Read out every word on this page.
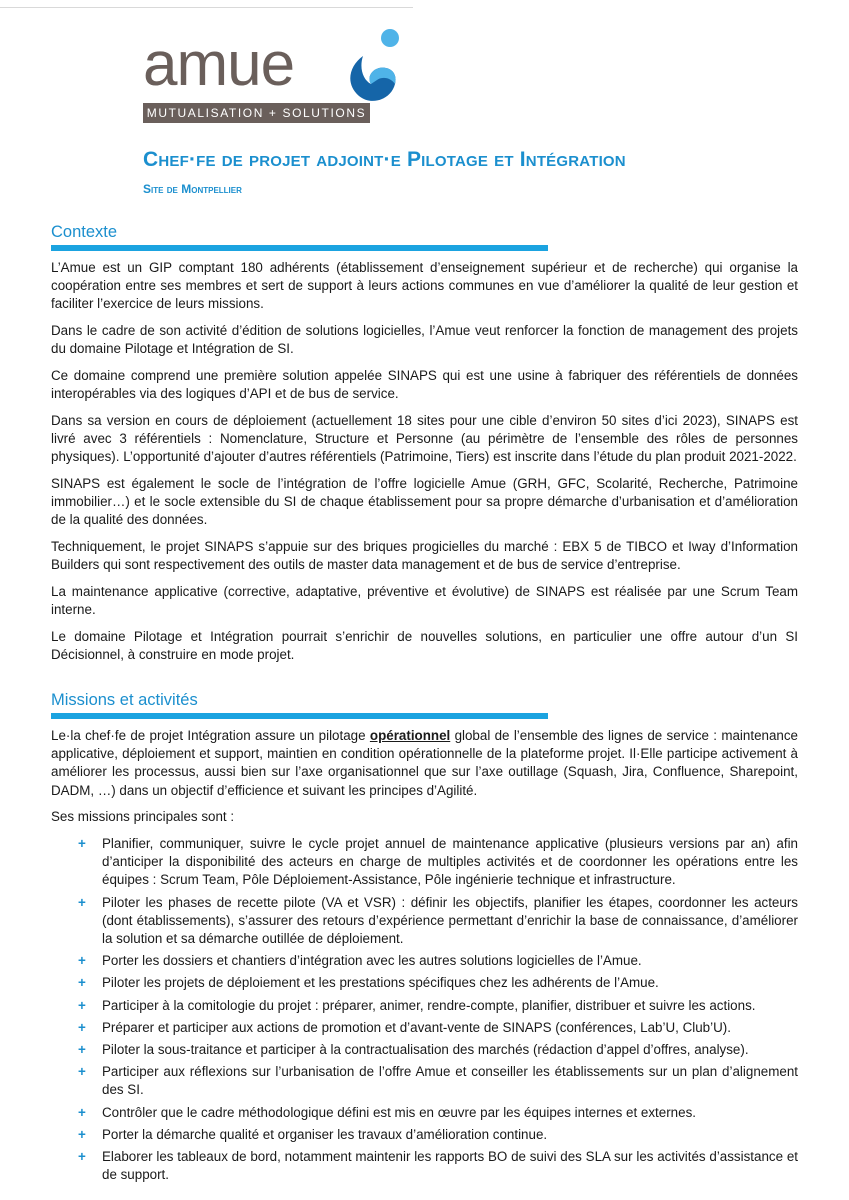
amue
MUTUALISATION + SOLUTIONS
Chef·fe de projet adjoint·e Pilotage et Intégration
Site de Montpellier
Contexte

L’Amue est un GIP comptant 180 adhérents (établissement d’enseignement supérieur et de recherche) qui organise la coopération entre ses membres et sert de support à leurs actions communes en vue d’améliorer la qualité de leur gestion et faciliter l’exercice de leurs missions.

Dans le cadre de son activité d’édition de solutions logicielles, l’Amue veut renforcer la fonction de management des projets du domaine Pilotage et Intégration de SI.

Ce domaine comprend une première solution appelée SINAPS qui est une usine à fabriquer des référentiels de données interopérables via des logiques d’API et de bus de service.

Dans sa version en cours de déploiement (actuellement 18 sites pour une cible d’environ 50 sites d’ici 2023), SINAPS est livré avec 3 référentiels : Nomenclature, Structure et Personne (au périmètre de l’ensemble des rôles de personnes physiques). L’opportunité d’ajouter d’autres référentiels (Patrimoine, Tiers) est inscrite dans l’étude du plan produit 2021-2022.

SINAPS est également le socle de l’intégration de l’offre logicielle Amue (GRH, GFC, Scolarité, Recherche, Patrimoine immobilier…) et le socle extensible du SI de chaque établissement pour sa propre démarche d’urbanisation et d’amélioration de la qualité des données.

Techniquement, le projet SINAPS s’appuie sur des briques progicielles du marché : EBX 5 de TIBCO et Iway d’Information Builders qui sont respectivement des outils de master data management et de bus de service d’entreprise.

La maintenance applicative (corrective, adaptative, préventive et évolutive) de SINAPS est réalisée par une Scrum Team interne.

Le domaine Pilotage et Intégration pourrait s’enrichir de nouvelles solutions, en particulier une offre autour d’un SI Décisionnel, à construire en mode projet.

Missions et activités

Le·la chef·fe de projet Intégration assure un pilotage opérationnel global de l’ensemble des lignes de service : maintenance applicative, déploiement et support, maintien en condition opérationnelle de la plateforme projet. Il·Elle participe activement à améliorer les processus, aussi bien sur l’axe organisationnel que sur l’axe outillage (Squash, Jira, Confluence, Sharepoint, DADM, …) dans un objectif d’efficience et suivant les principes d’Agilité.

Ses missions principales sont :

+ Planifier, communiquer, suivre le cycle projet annuel de maintenance applicative (plusieurs versions par an) afin d’anticiper la disponibilité des acteurs en charge de multiples activités et de coordonner les opérations entre les équipes : Scrum Team, Pôle Déploiement-Assistance, Pôle ingénierie technique et infrastructure.
+ Piloter les phases de recette pilote (VA et VSR) : définir les objectifs, planifier les étapes, coordonner les acteurs (dont établissements), s’assurer des retours d’expérience permettant d’enrichir la base de connaissance, d’améliorer la solution et sa démarche outillée de déploiement.
+ Porter les dossiers et chantiers d’intégration avec les autres solutions logicielles de l’Amue.
+ Piloter les projets de déploiement et les prestations spécifiques chez les adhérents de l’Amue.
+ Participer à la comitologie du projet : préparer, animer, rendre-compte, planifier, distribuer et suivre les actions.
+ Préparer et participer aux actions de promotion et d’avant-vente de SINAPS (conférences, Lab’U, Club’U).
+ Piloter la sous-traitance et participer à la contractualisation des marchés (rédaction d’appel d’offres, analyse).
+ Participer aux réflexions sur l’urbanisation de l’offre Amue et conseiller les établissements sur un plan d’alignement des SI.
+ Contrôler que le cadre méthodologique défini est mis en œuvre par les équipes internes et externes.
+ Porter la démarche qualité et organiser les travaux d’amélioration continue.
+ Elaborer les tableaux de bord, notamment maintenir les rapports BO de suivi des SLA sur les activités d’assistance et de support.
